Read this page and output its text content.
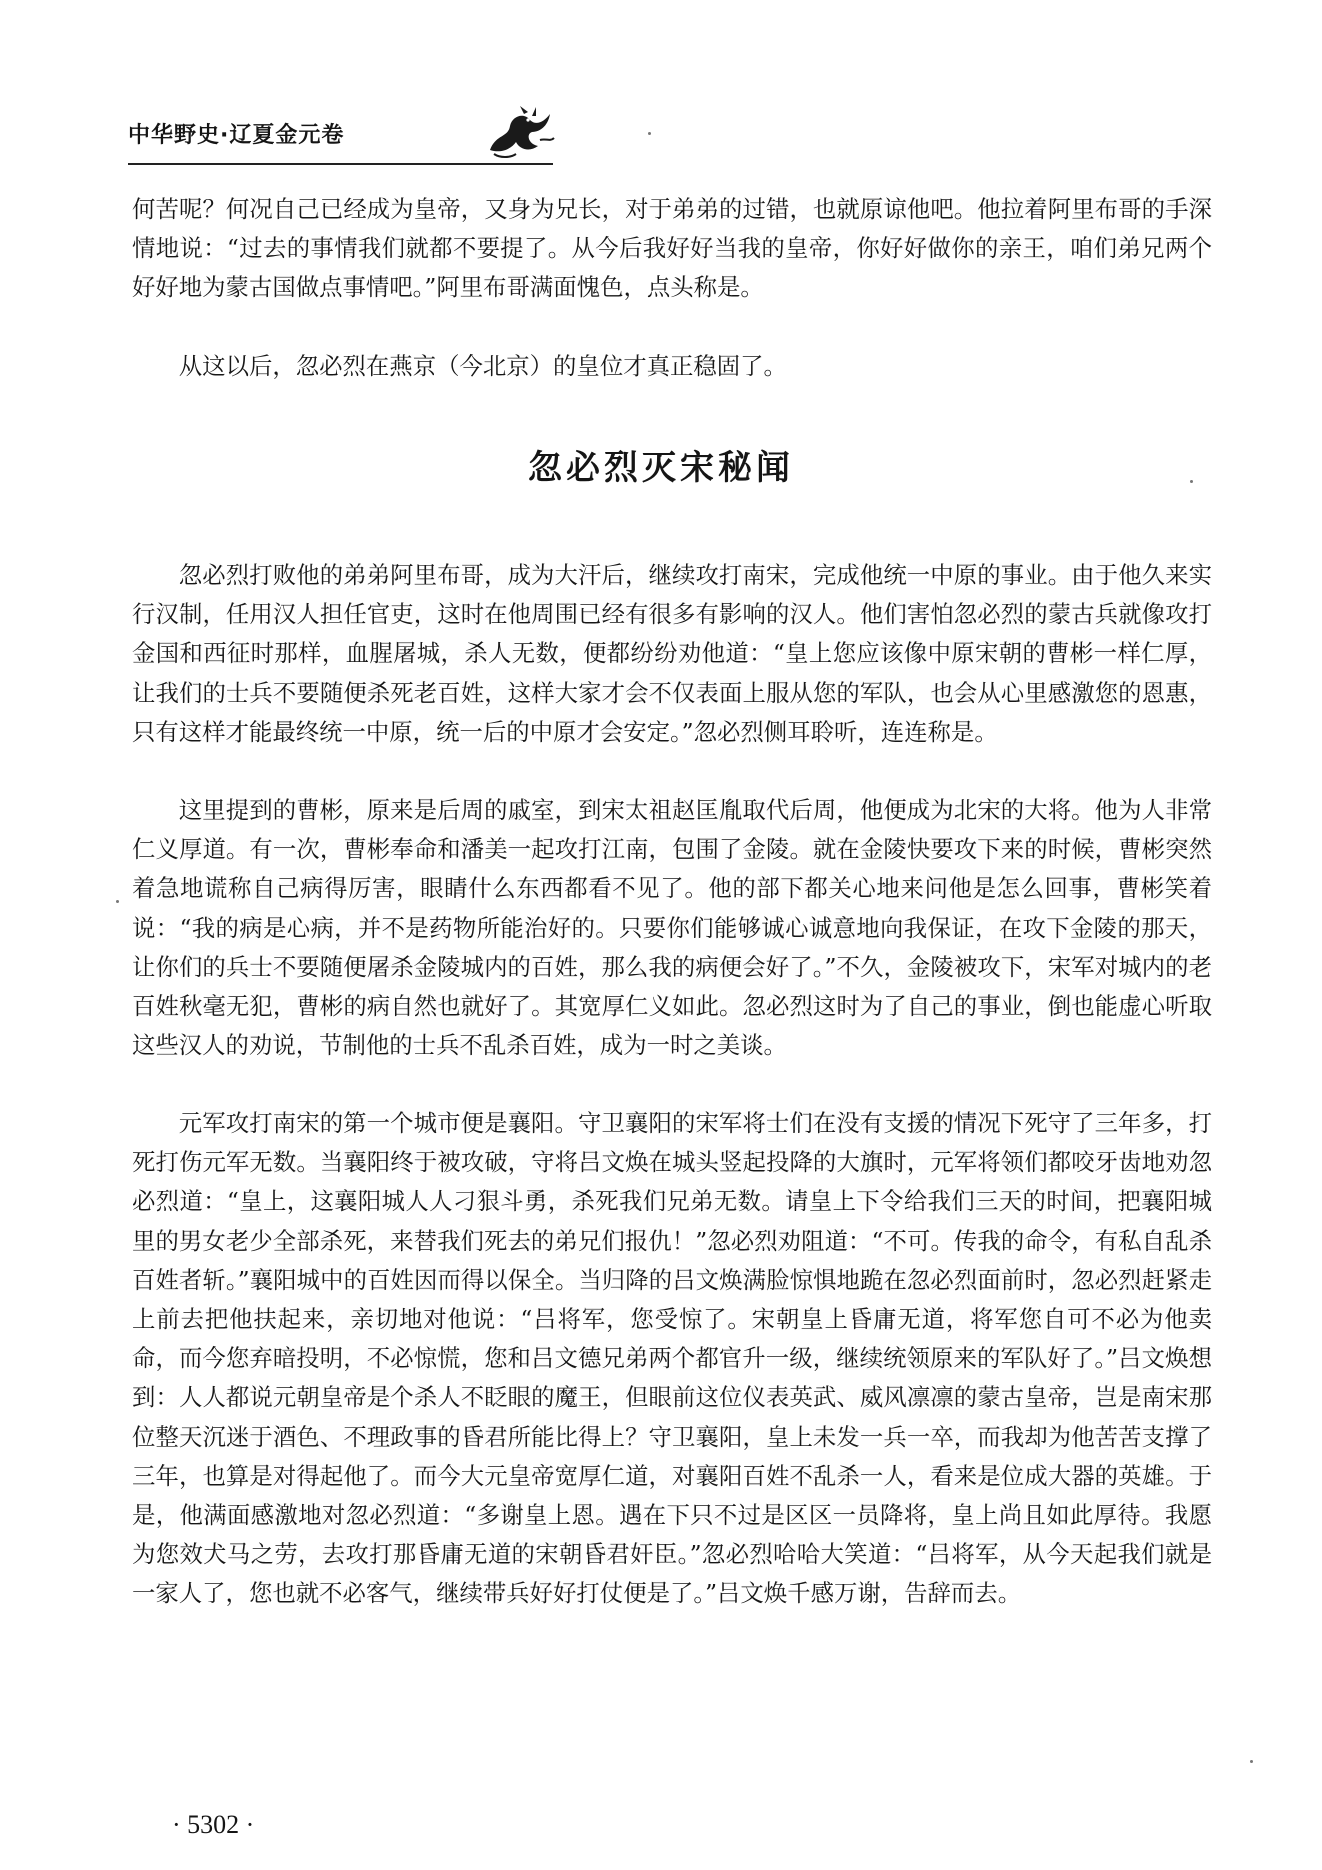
中华野史·辽夏金元卷

何苦呢？何况自己已经成为皇帝，又身为兄长，对于弟弟的过错，也就原谅他吧。他拉着阿里布哥的手深情地说：“过去的事情我们就都不要提了。从今后我好好当我的皇帝，你好好做你的亲王，咱们弟兄两个好好地为蒙古国做点事情吧。”阿里布哥满面愧色，点头称是。

从这以后，忽必烈在燕京（今北京）的皇位才真正稳固了。

忽必烈灭宋秘闻

忽必烈打败他的弟弟阿里布哥，成为大汗后，继续攻打南宋，完成他统一中原的事业。由于他久来实行汉制，任用汉人担任官吏，这时在他周围已经有很多有影响的汉人。他们害怕忽必烈的蒙古兵就像攻打金国和西征时那样，血腥屠城，杀人无数，便都纷纷劝他道：“皇上您应该像中原宋朝的曹彬一样仁厚，让我们的士兵不要随便杀死老百姓，这样大家才会不仅表面上服从您的军队，也会从心里感激您的恩惠，只有这样才能最终统一中原，统一后的中原才会安定。”忽必烈侧耳聆听，连连称是。

这里提到的曹彬，原来是后周的戚室，到宋太祖赵匡胤取代后周，他便成为北宋的大将。他为人非常仁义厚道。有一次，曹彬奉命和潘美一起攻打江南，包围了金陵。就在金陵快要攻下来的时候，曹彬突然着急地谎称自己病得厉害，眼睛什么东西都看不见了。他的部下都关心地来问他是怎么回事，曹彬笑着说：“我的病是心病，并不是药物所能治好的。只要你们能够诚心诚意地向我保证，在攻下金陵的那天，让你们的兵士不要随便屠杀金陵城内的百姓，那么我的病便会好了。”不久，金陵被攻下，宋军对城内的老百姓秋毫无犯，曹彬的病自然也就好了。其宽厚仁义如此。忽必烈这时为了自己的事业，倒也能虚心听取这些汉人的劝说，节制他的士兵不乱杀百姓，成为一时之美谈。

元军攻打南宋的第一个城市便是襄阳。守卫襄阳的宋军将士们在没有支援的情况下死守了三年多，打死打伤元军无数。当襄阳终于被攻破，守将吕文焕在城头竖起投降的大旗时，元军将领们都咬牙齿地劝忽必烈道：“皇上，这襄阳城人人刁狠斗勇，杀死我们兄弟无数。请皇上下令给我们三天的时间，把襄阳城里的男女老少全部杀死，来替我们死去的弟兄们报仇！”忽必烈劝阻道：“不可。传我的命令，有私自乱杀百姓者斩。”襄阳城中的百姓因而得以保全。当归降的吕文焕满脸惊惧地跪在忽必烈面前时，忽必烈赶紧走上前去把他扶起来，亲切地对他说：“吕将军，您受惊了。宋朝皇上昏庸无道，将军您自可不必为他卖命，而今您弃暗投明，不必惊慌，您和吕文德兄弟两个都官升一级，继续统领原来的军队好了。”吕文焕想到：人人都说元朝皇帝是个杀人不眨眼的魔王，但眼前这位仪表英武、威风凛凛的蒙古皇帝，岂是南宋那位整天沉迷于酒色、不理政事的昏君所能比得上？守卫襄阳，皇上未发一兵一卒，而我却为他苦苦支撑了三年，也算是对得起他了。而今大元皇帝宽厚仁道，对襄阳百姓不乱杀一人，看来是位成大器的英雄。于是，他满面感激地对忽必烈道：“多谢皇上恩。遇在下只不过是区区一员降将，皇上尚且如此厚待。我愿为您效犬马之劳，去攻打那昏庸无道的宋朝昏君奸臣。”忽必烈哈哈大笑道：“吕将军，从今天起我们就是一家人了，您也就不必客气，继续带兵好好打仗便是了。”吕文焕千感万谢，告辞而去。

· 5302 ·
